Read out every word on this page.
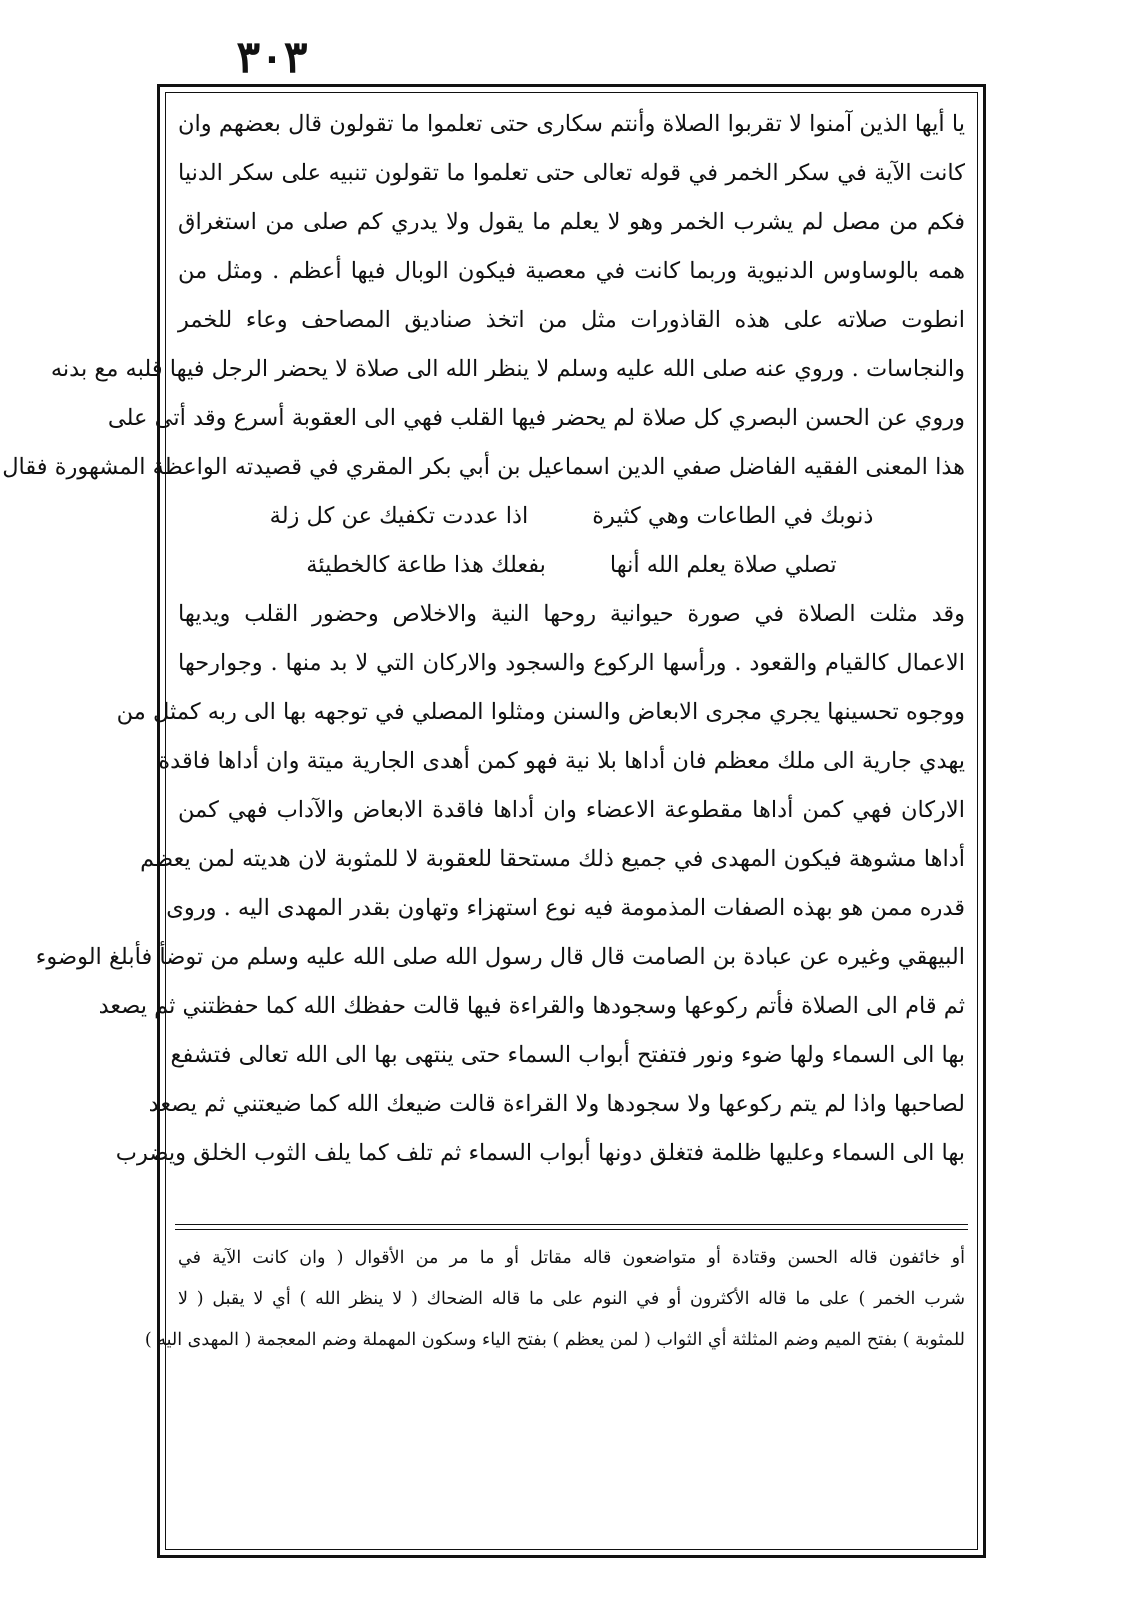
٣٠٣
يا أيها الذين آمنوا لا تقربوا الصلاة وأنتم سكارى حتى تعلموا ما تقولون قال بعضهم وان
كانت الآية في سكر الخمر في قوله تعالى حتى تعلموا ما تقولون تنبيه على سكر الدنيا
فكم من مصل لم يشرب الخمر وهو لا يعلم ما يقول ولا يدري كم صلى من استغراق
همه بالوساوس الدنيوية وربما كانت في معصية فيكون الوبال فيها أعظم . ومثل من
انطوت صلاته على هذه القاذورات مثل من اتخذ صناديق المصاحف وعاء للخمر
والنجاسات . وروي عنه صلى الله عليه وسلم لا ينظر الله الى صلاة لا يحضر الرجل فيها قلبه مع بدنه
وروي عن الحسن البصري كل صلاة لم يحضر فيها القلب فهي الى العقوبة أسرع وقد أتى على
هذا المعنى الفقيه الفاضل صفي الدين اسماعيل بن أبي بكر المقري في قصيدته الواعظة المشهورة فقال
ذنوبك في الطاعات وهي كثيرة
اذا عددت تكفيك عن كل زلة
تصلي صلاة يعلم الله أنها
بفعلك هذا طاعة كالخطيئة
وقد مثلت الصلاة في صورة حيوانية روحها النية والاخلاص وحضور القلب ويديها
الاعمال كالقيام والقعود . ورأسها الركوع والسجود والاركان التي لا بد منها . وجوارحها
ووجوه تحسينها يجري مجرى الابعاض والسنن ومثلوا المصلي في توجهه بها الى ربه كمثل من
يهدي جارية الى ملك معظم فان أداها بلا نية فهو كمن أهدى الجارية ميتة وان أداها فاقدة
الاركان فهي كمن أداها مقطوعة الاعضاء وان أداها فاقدة الابعاض والآداب فهي كمن
أداها مشوهة فيكون المهدى في جميع ذلك مستحقا للعقوبة لا للمثوبة لان هديته لمن يعظم
قدره ممن هو بهذه الصفات المذمومة فيه نوع استهزاء وتهاون بقدر المهدى اليه . وروى
البيهقي وغيره عن عبادة بن الصامت قال قال رسول الله صلى الله عليه وسلم من توضأ فأبلغ الوضوء
ثم قام الى الصلاة فأتم ركوعها وسجودها والقراءة فيها قالت حفظك الله كما حفظتني ثم يصعد
بها الى السماء ولها ضوء ونور فتفتح أبواب السماء حتى ينتهى بها الى الله تعالى فتشفع
لصاحبها واذا لم يتم ركوعها ولا سجودها ولا القراءة قالت ضيعك الله كما ضيعتني ثم يصعد
بها الى السماء وعليها ظلمة فتغلق دونها أبواب السماء ثم تلف كما يلف الثوب الخلق ويضرب
أو خائفون قاله الحسن وقتادة أو متواضعون قاله مقاتل أو ما مر من الأقوال ( وان كانت الآية في
شرب الخمر ) على ما قاله الأكثرون أو في النوم على ما قاله الضحاك ( لا ينظر الله ) أي لا يقبل ( لا
للمثوبة ) بفتح الميم وضم المثلثة أي الثواب ( لمن يعظم ) بفتح الياء وسكون المهملة وضم المعجمة ( المهدى اليه )
